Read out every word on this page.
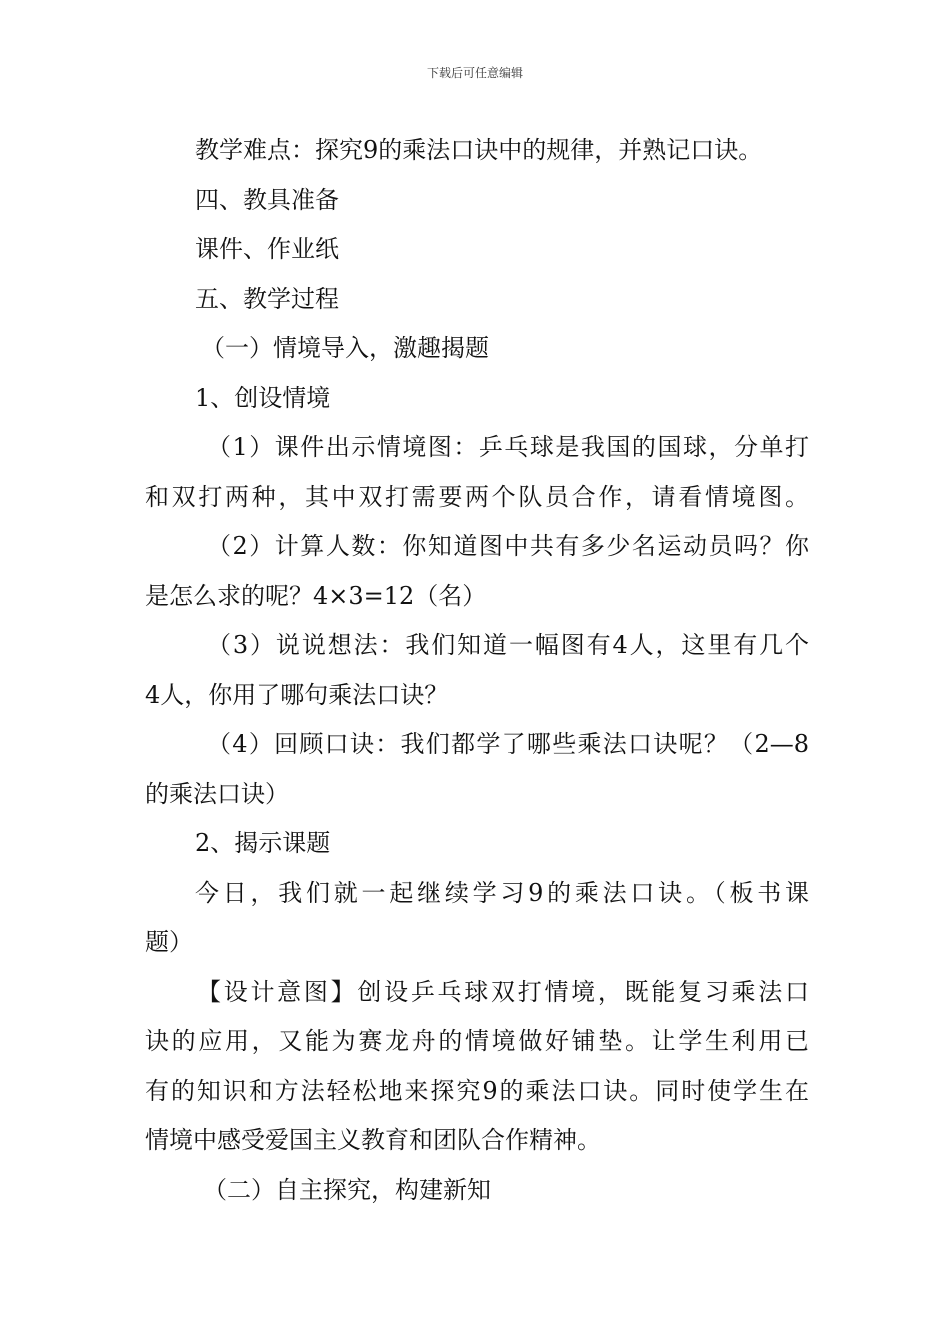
下载后可任意编辑
教学难点：探究9的乘法口诀中的规律，并熟记口诀。
四、教具准备
课件、作业纸
五、教学过程
（一）情境导入，激趣揭题
1、创设情境
（1）课件出示情境图：乒乓球是我国的国球，分单打
和双打两种，其中双打需要两个队员合作，请看情境图。
（2）计算人数：你知道图中共有多少名运动员吗？你
是怎么求的呢？4×3=12（名）
（3）说说想法：我们知道一幅图有4人，这里有几个
4人，你用了哪句乘法口诀？
（4）回顾口诀：我们都学了哪些乘法口诀呢？（2—8
的乘法口诀）
2、揭示课题
今日，我们就一起继续学习9的乘法口诀。（板书课
题）
【设计意图】创设乒乓球双打情境，既能复习乘法口
诀的应用，又能为赛龙舟的情境做好铺垫。让学生利用已
有的知识和方法轻松地来探究9的乘法口诀。同时使学生在
情境中感受爱国主义教育和团队合作精神。
（二）自主探究，构建新知
